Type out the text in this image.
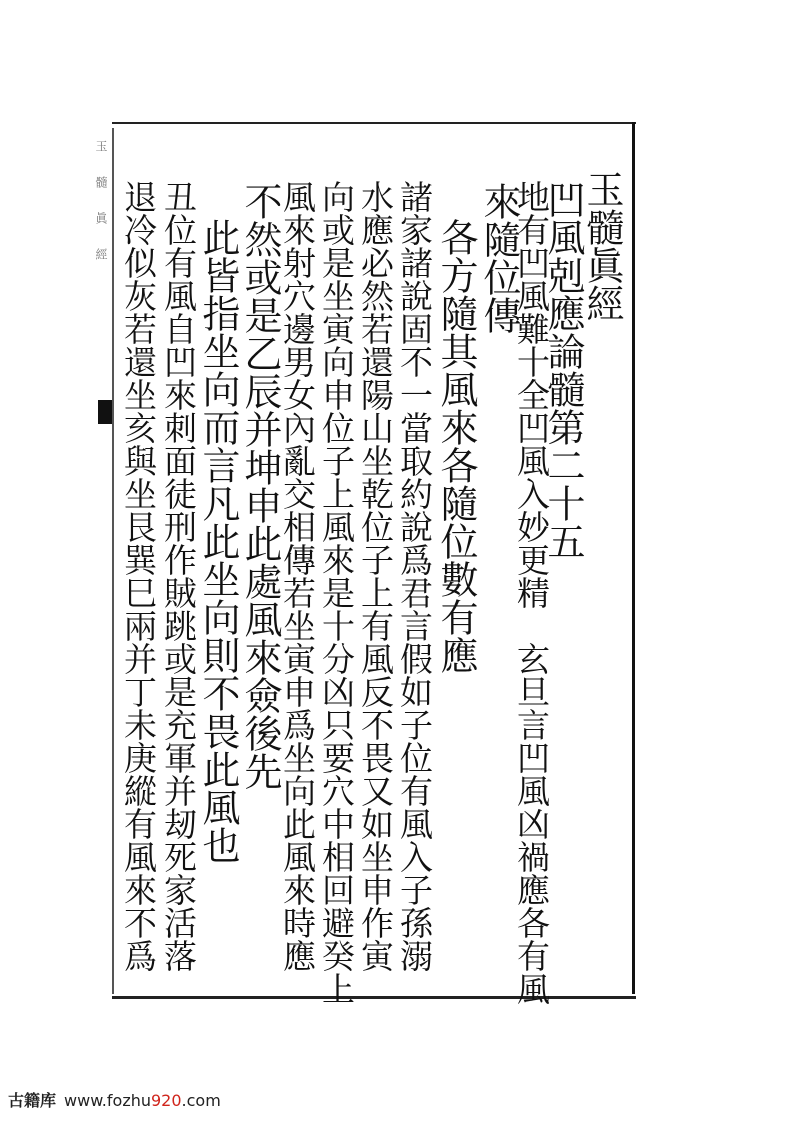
玉　髓　眞　經	玉髓眞經
凹風剋應論髓第二十五
地有凹風難十全凹風入妙更精　玄旦言凹風凶禍應各有風
來隨位傳
各方隨其風來各隨位數有應
諸家諸說固不一當取約說爲君言假如子位有風入子孫溺
水應必然若還陽山坐乾位子上有風反不畏又如坐申作寅
向或是坐寅向申位子上風來是十分凶只要穴中相回避癸上
風來射穴邊男女內亂交相傳若坐寅申爲坐向此風來時應
不然或是乙辰并坤申此處風來僉後先
此皆指坐向而言凡此坐向則不畏此風也
丑位有風自凹來刺面徒刑作賊跳或是充軍并刼死家活落
退冷似灰若還坐亥與坐艮巽巳兩并丁未庚縱有風來不爲
古籍库 www.fozhu920.com
